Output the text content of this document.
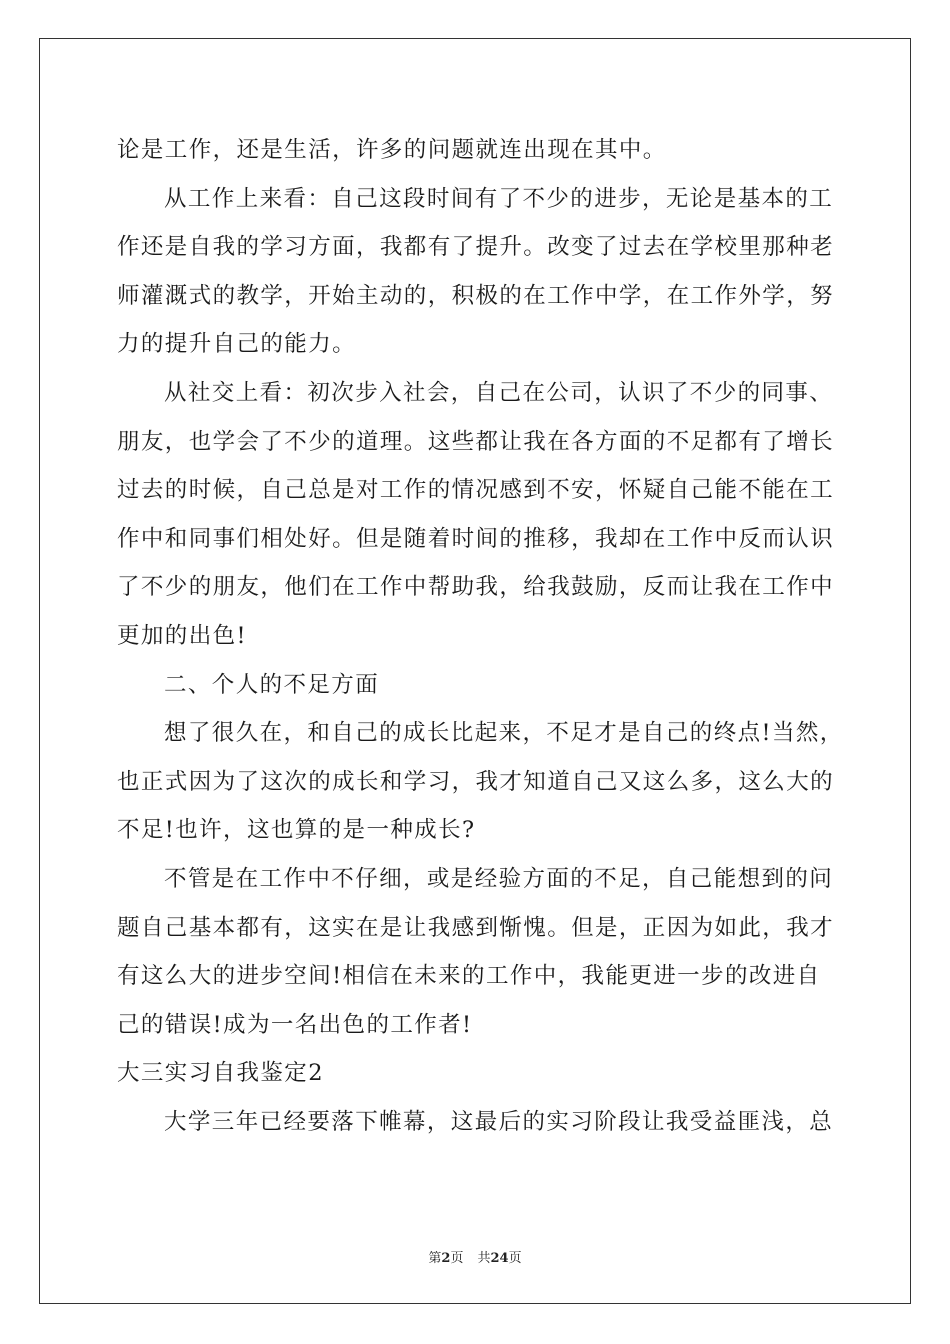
论是工作，还是生活，许多的问题就连出现在其中。
从工作上来看：自己这段时间有了不少的进步，无论是基本的工
作还是自我的学习方面，我都有了提升。改变了过去在学校里那种老
师灌溉式的教学，开始主动的，积极的在工作中学，在工作外学，努
力的提升自己的能力。
从社交上看：初次步入社会，自己在公司，认识了不少的同事、
朋友，也学会了不少的道理。这些都让我在各方面的不足都有了增长
过去的时候，自己总是对工作的情况感到不安，怀疑自己能不能在工
作中和同事们相处好。但是随着时间的推移，我却在工作中反而认识
了不少的朋友，他们在工作中帮助我，给我鼓励，反而让我在工作中
更加的出色!
二、个人的不足方面
想了很久在，和自己的成长比起来，不足才是自己的终点!当然，
也正式因为了这次的成长和学习，我才知道自己又这么多，这么大的
不足!也许，这也算的是一种成长?
不管是在工作中不仔细，或是经验方面的不足，自己能想到的问
题自己基本都有，这实在是让我感到惭愧。但是，正因为如此，我才
有这么大的进步空间!相信在未来的工作中，我能更进一步的改进自
己的错误!成为一名出色的工作者!
大三实习自我鉴定2
大学三年已经要落下帷幕，这最后的实习阶段让我受益匪浅，总
第2页 共24页
